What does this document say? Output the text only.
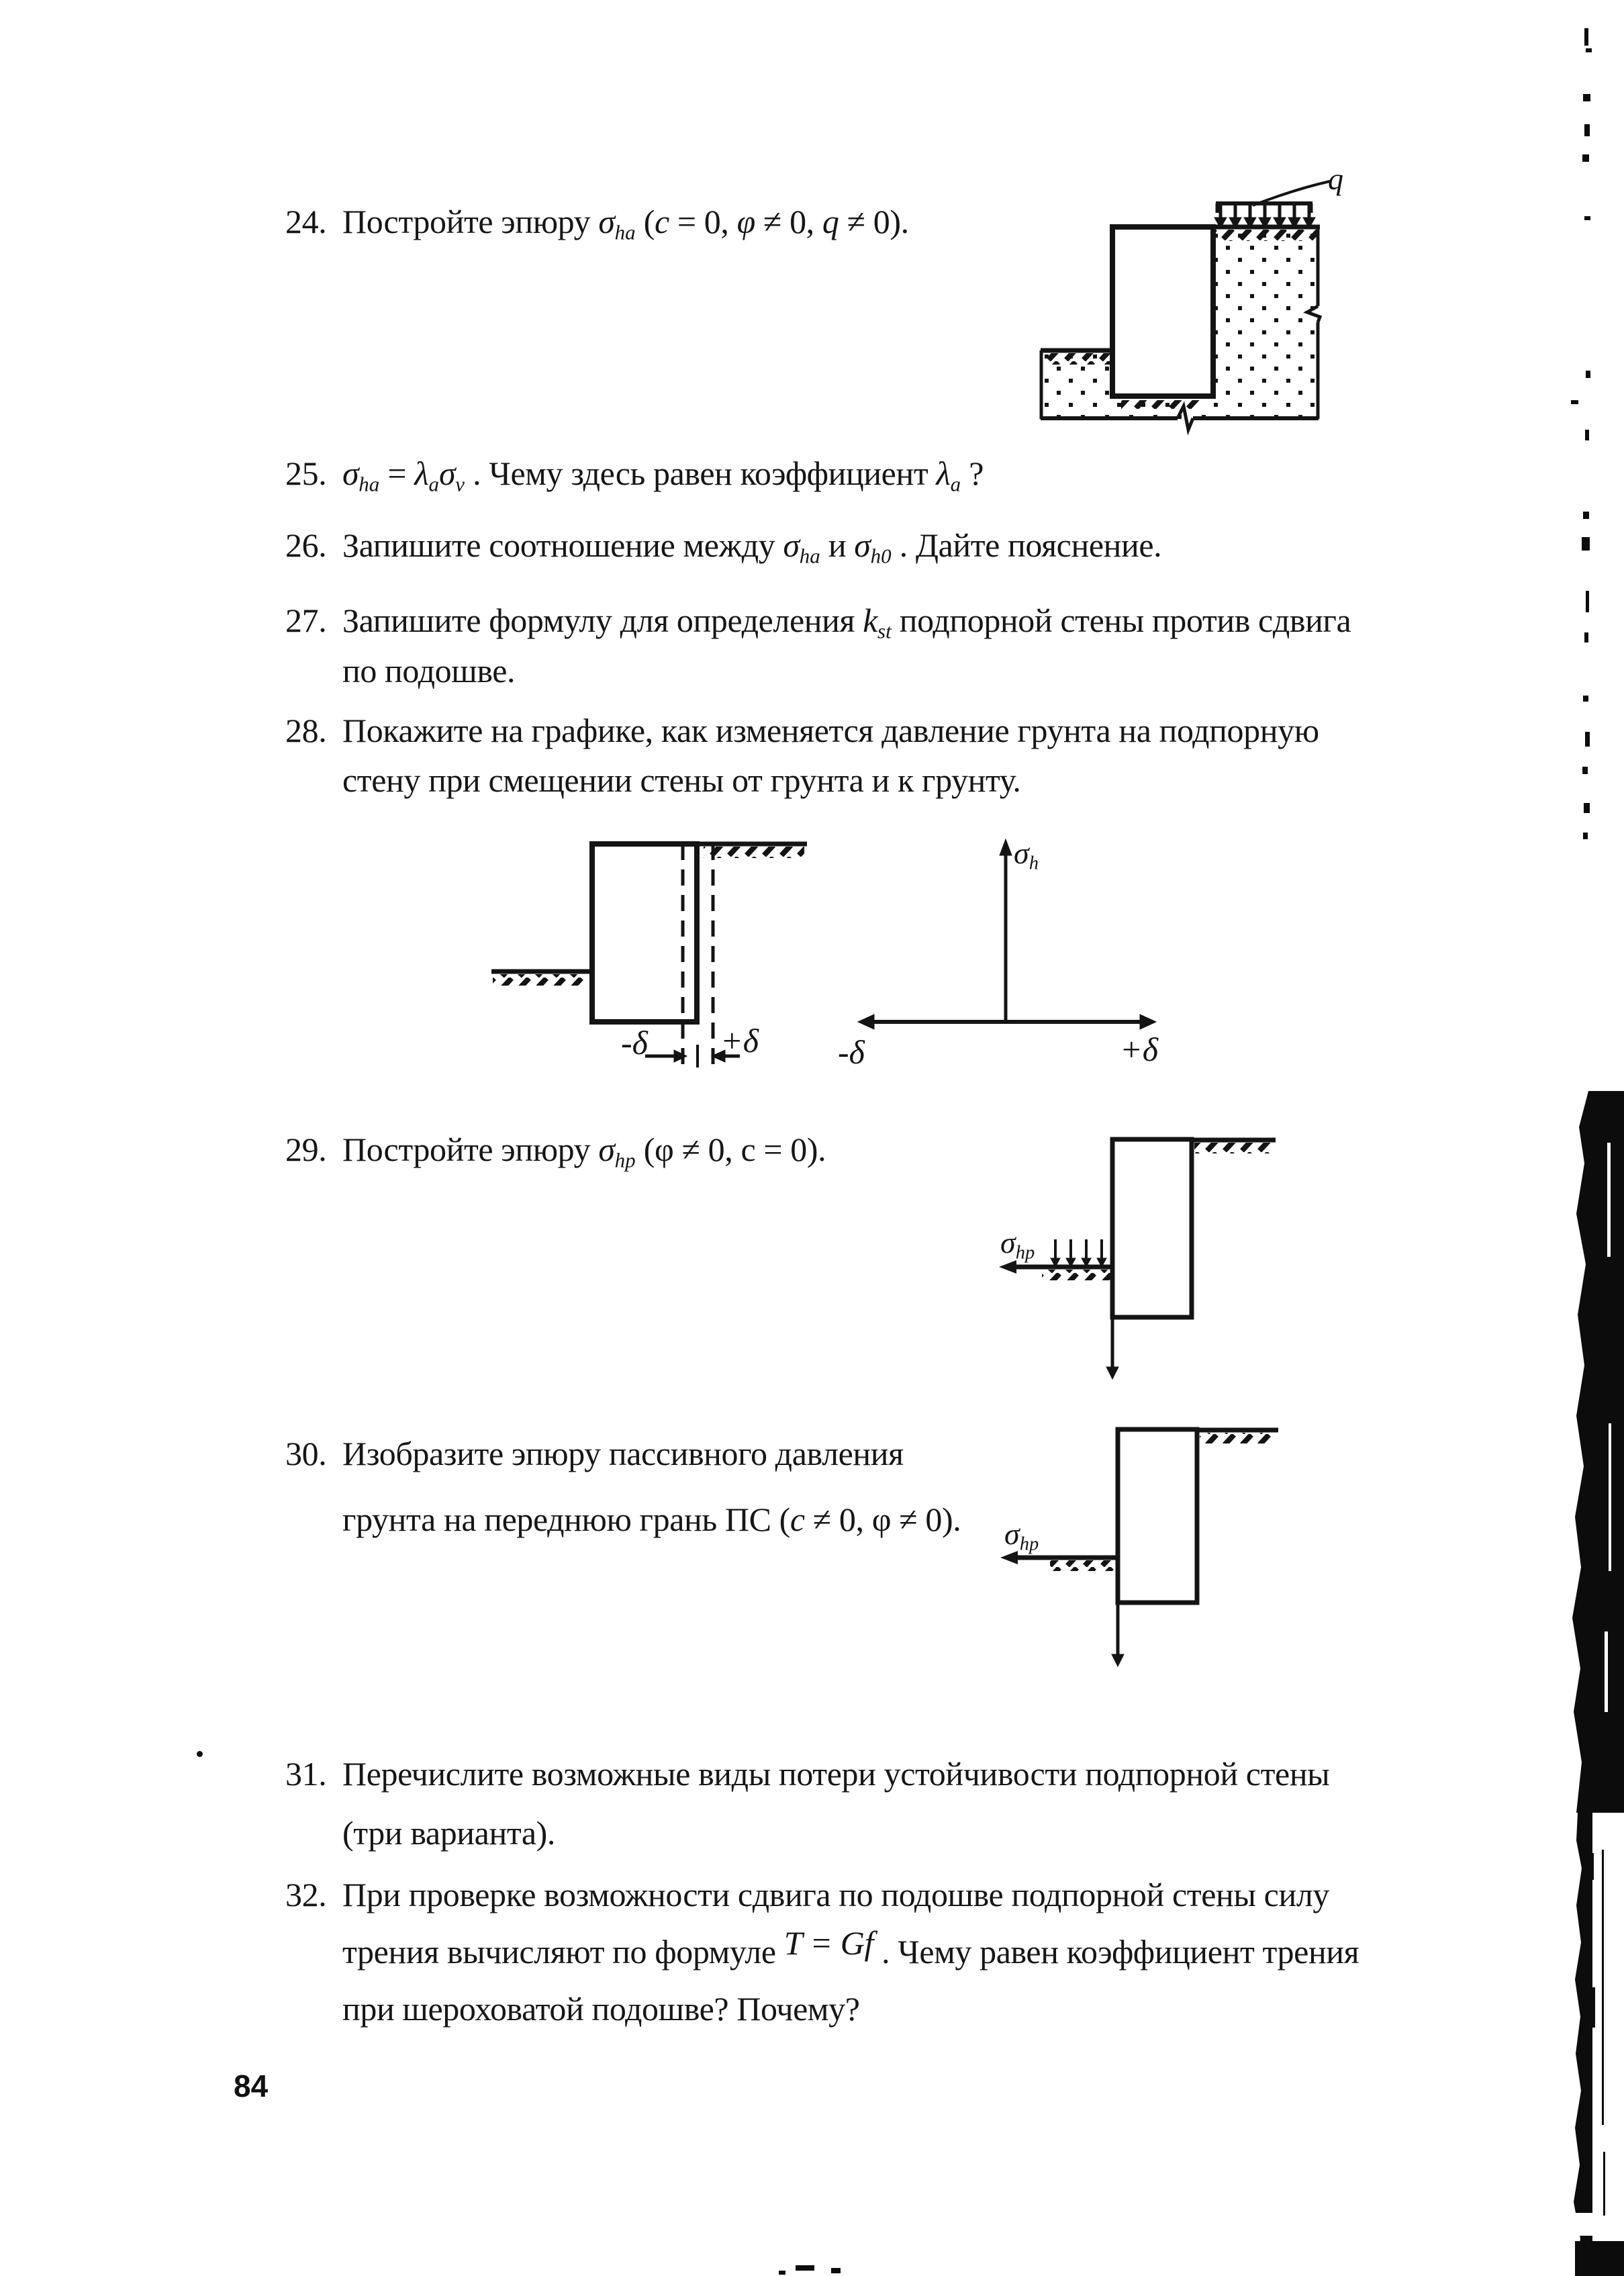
24. Постройте эпюру $\sigma_{ha}$ (c = 0, φ ≠ 0, q ≠ 0).
25. $\sigma_{ha} = \lambda_a\sigma_v$ . Чему здесь равен коэффициент $\lambda_a$ ?
26. Запишите соотношение между $\sigma_{ha}$ и $\sigma_{h0}$ . Дайте пояснение.
27. Запишите формулу для определения $k_{st}$ подпорной стены против сдвига
по подошве.
28. Покажите на графике, как изменяется давление грунта на подпорную
стену при смещении стены от грунта и к грунту.
29. Постройте эпюру $\sigma_{hp}$ (φ ≠ 0, с = 0).
30. Изобразите эпюру пассивного давления
грунта на переднюю грань ПС (c ≠ 0, φ ≠ 0).
31. Перечислите возможные виды потери устойчивости подпорной стены
(три варианта).
32. При проверке возможности сдвига по подошве подпорной стены силу
трения вычисляют по формуле T = Gf . Чему равен коэффициент трения
при шероховатой подошве? Почему?
q
-δ +δ
$\sigma_h$
-δ	+δ
$\sigma_{hp}$
$\sigma_{hp}$
84
